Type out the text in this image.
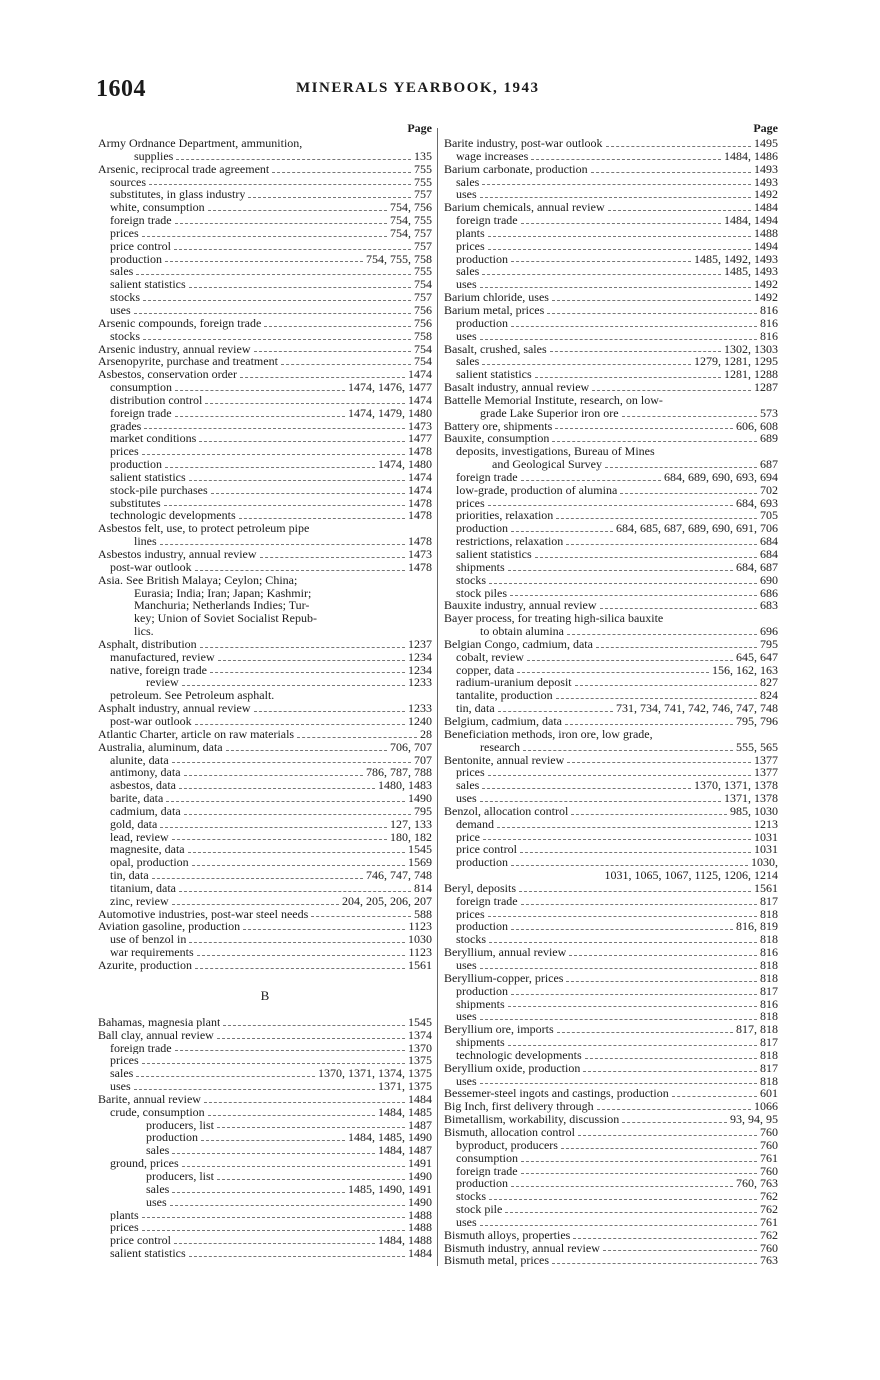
1604	MINERALS YEARBOOK, 1943
Page
Army Ordnance Department, ammunition,
supplies	135
Arsenic, reciprocal trade agreement	755
sources	755
substitutes, in glass industry	757
white, consumption	754, 756
foreign trade	754, 755
prices	754, 757
price control	757
production	754, 755, 758
sales	755
salient statistics	754
stocks	757
uses	756
Arsenic compounds, foreign trade	756
stocks	758
Arsenic industry, annual review	754
Arsenopyrite, purchase and treatment	754
Asbestos, conservation order	1474
consumption	1474, 1476, 1477
distribution control	1474
foreign trade	1474, 1479, 1480
grades	1473
market conditions	1477
prices	1478
production	1474, 1480
salient statistics	1474
stock-pile purchases	1474
substitutes	1478
technologic developments	1478
Asbestos felt, use, to protect petroleum pipe
lines	1478
Asbestos industry, annual review	1473
post-war outlook	1478
Asia. See British Malaya; Ceylon; China;
Eurasia; India; Iran; Japan; Kashmir;
Manchuria; Netherlands Indies; Tur-
key; Union of Soviet Socialist Repub-
lics.
Asphalt, distribution	1237
manufactured, review	1234
native, foreign trade	1234
review	1233
petroleum. See Petroleum asphalt.
Asphalt industry, annual review	1233
post-war outlook	1240
Atlantic Charter, article on raw materials	28
Australia, aluminum, data	706, 707
alunite, data	707
antimony, data	786, 787, 788
asbestos, data	1480, 1483
barite, data	1490
cadmium, data	795
gold, data	127, 133
lead, review	180, 182
magnesite, data	1545
opal, production	1569
tin, data	746, 747, 748
titanium, data	814
zinc, review	204, 205, 206, 207
Automotive industries, post-war steel needs	588
Aviation gasoline, production	1123
use of benzol in	1030
war requirements	1123
Azurite, production	1561
B
Bahamas, magnesia plant	1545
Ball clay, annual review	1374
foreign trade	1370
prices	1375
sales	1370, 1371, 1374, 1375
uses	1371, 1375
Barite, annual review	1484
crude, consumption	1484, 1485
producers, list	1487
production	1484, 1485, 1490
sales	1484, 1487
ground, prices	1491
producers, list	1490
sales	1485, 1490, 1491
uses	1490
plants	1488
prices	1488
price control	1484, 1488
salient statistics	1484
Page
Barite industry, post-war outlook	1495
wage increases	1484, 1486
Barium carbonate, production	1493
sales	1493
uses	1492
Barium chemicals, annual review	1484
foreign trade	1484, 1494
plants	1488
prices	1494
production	1485, 1492, 1493
sales	1485, 1493
uses	1492
Barium chloride, uses	1492
Barium metal, prices	816
production	816
uses	816
Basalt, crushed, sales	1302, 1303
sales	1279, 1281, 1295
salient statistics	1281, 1288
Basalt industry, annual review	1287
Battelle Memorial Institute, research, on low-
grade Lake Superior iron ore	573
Battery ore, shipments	606, 608
Bauxite, consumption	689
deposits, investigations, Bureau of Mines
and Geological Survey	687
foreign trade	684, 689, 690, 693, 694
low-grade, production of alumina	702
prices	684, 693
priorities, relaxation	705
production	684, 685, 687, 689, 690, 691, 706
restrictions, relaxation	684
salient statistics	684
shipments	684, 687
stocks	690
stock piles	686
Bauxite industry, annual review	683
Bayer process, for treating high-silica bauxite
to obtain alumina	696
Belgian Congo, cadmium, data	795
cobalt, review	645, 647
copper, data	156, 162, 163
radium-uranium deposit	827
tantalite, production	824
tin, data	731, 734, 741, 742, 746, 747, 748
Belgium, cadmium, data	795, 796
Beneficiation methods, iron ore, low grade,
research	555, 565
Bentonite, annual review	1377
prices	1377
sales	1370, 1371, 1378
uses	1371, 1378
Benzol, allocation control	985, 1030
demand	1213
price	1031
price control	1031
production	1030,
1031, 1065, 1067, 1125, 1206, 1214
Beryl, deposits	1561
foreign trade	817
prices	818
production	816, 819
stocks	818
Beryllium, annual review	816
uses	818
Beryllium-copper, prices	818
production	817
shipments	816
uses	818
Beryllium ore, imports	817, 818
shipments	817
technologic developments	818
Beryllium oxide, production	817
uses	818
Bessemer-steel ingots and castings, production	601
Big Inch, first delivery through	1066
Bimetallism, workability, discussion	93, 94, 95
Bismuth, allocation control	760
byproduct, producers	760
consumption	761
foreign trade	760
production	760, 763
stocks	762
stock pile	762
uses	761
Bismuth alloys, properties	762
Bismuth industry, annual review	760
Bismuth metal, prices	763
